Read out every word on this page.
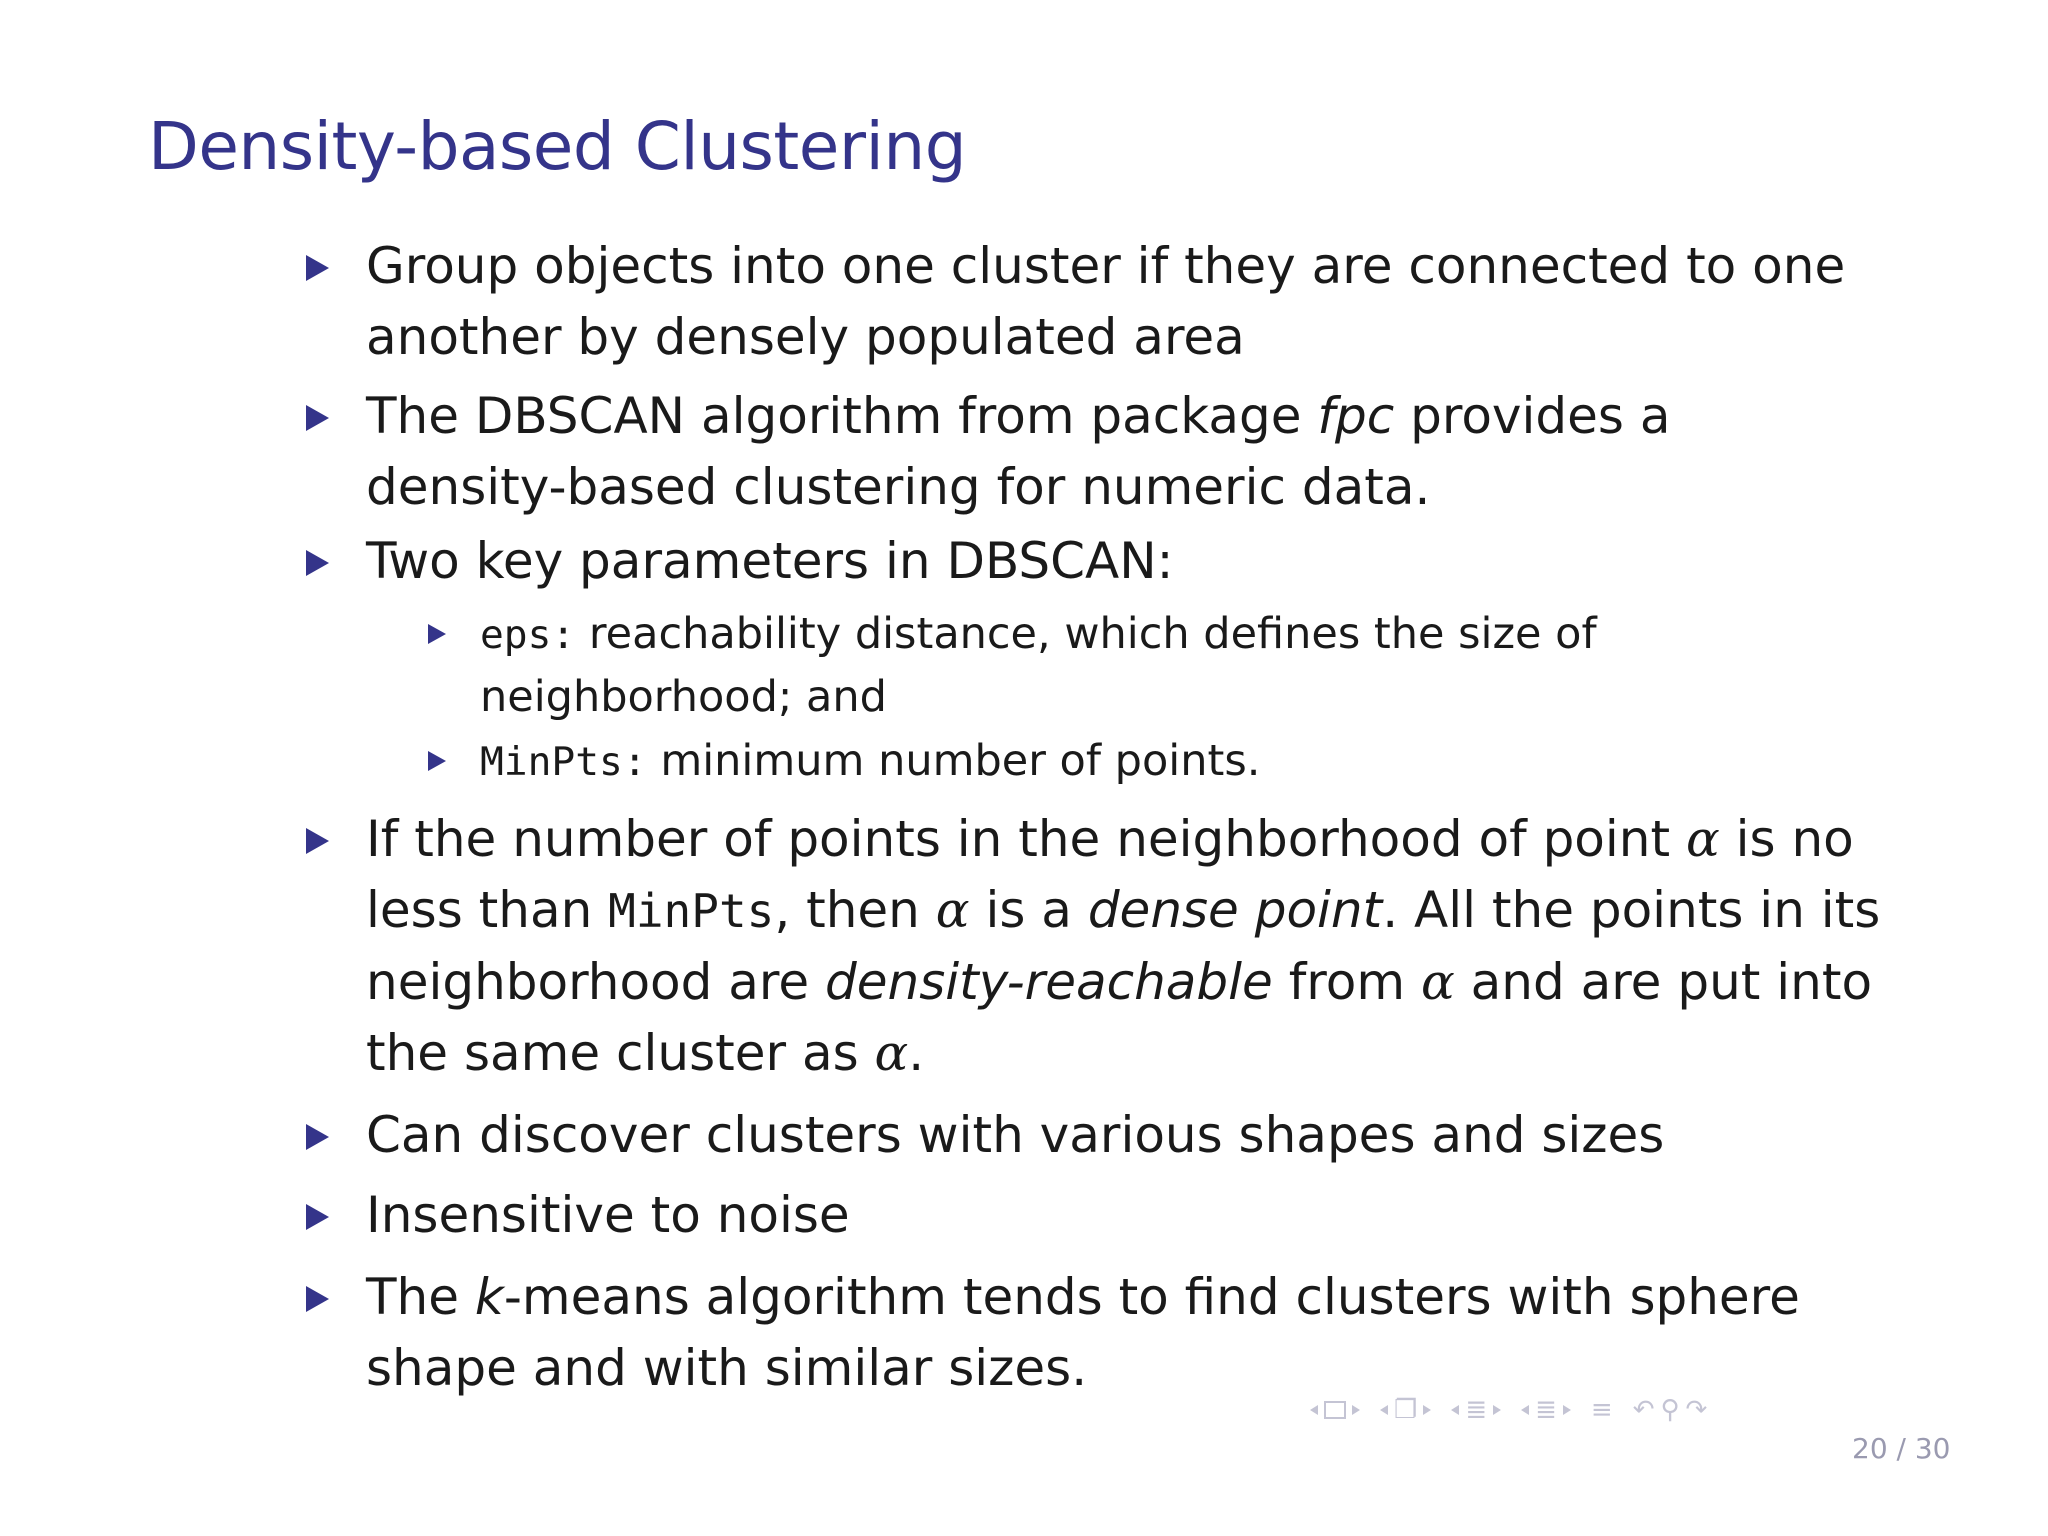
Density-based Clustering
Group objects into one cluster if they are connected to one
another by densely populated area
The DBSCAN algorithm from package fpc provides a
density-based clustering for numeric data.
Two key parameters in DBSCAN:
eps: reachability distance, which defines the size of
neighborhood; and
MinPts: minimum number of points.
If the number of points in the neighborhood of point α is no
less than MinPts, then α is a dense point. All the points in its
neighborhood are density-reachable from α and are put into
the same cluster as α.
Can discover clusters with various shapes and sizes
Insensitive to noise
The k-means algorithm tends to find clusters with sphere
shape and with similar sizes.
❐ ≣ ≣ ≡ ↶ ⚲ ↷
20 / 30
